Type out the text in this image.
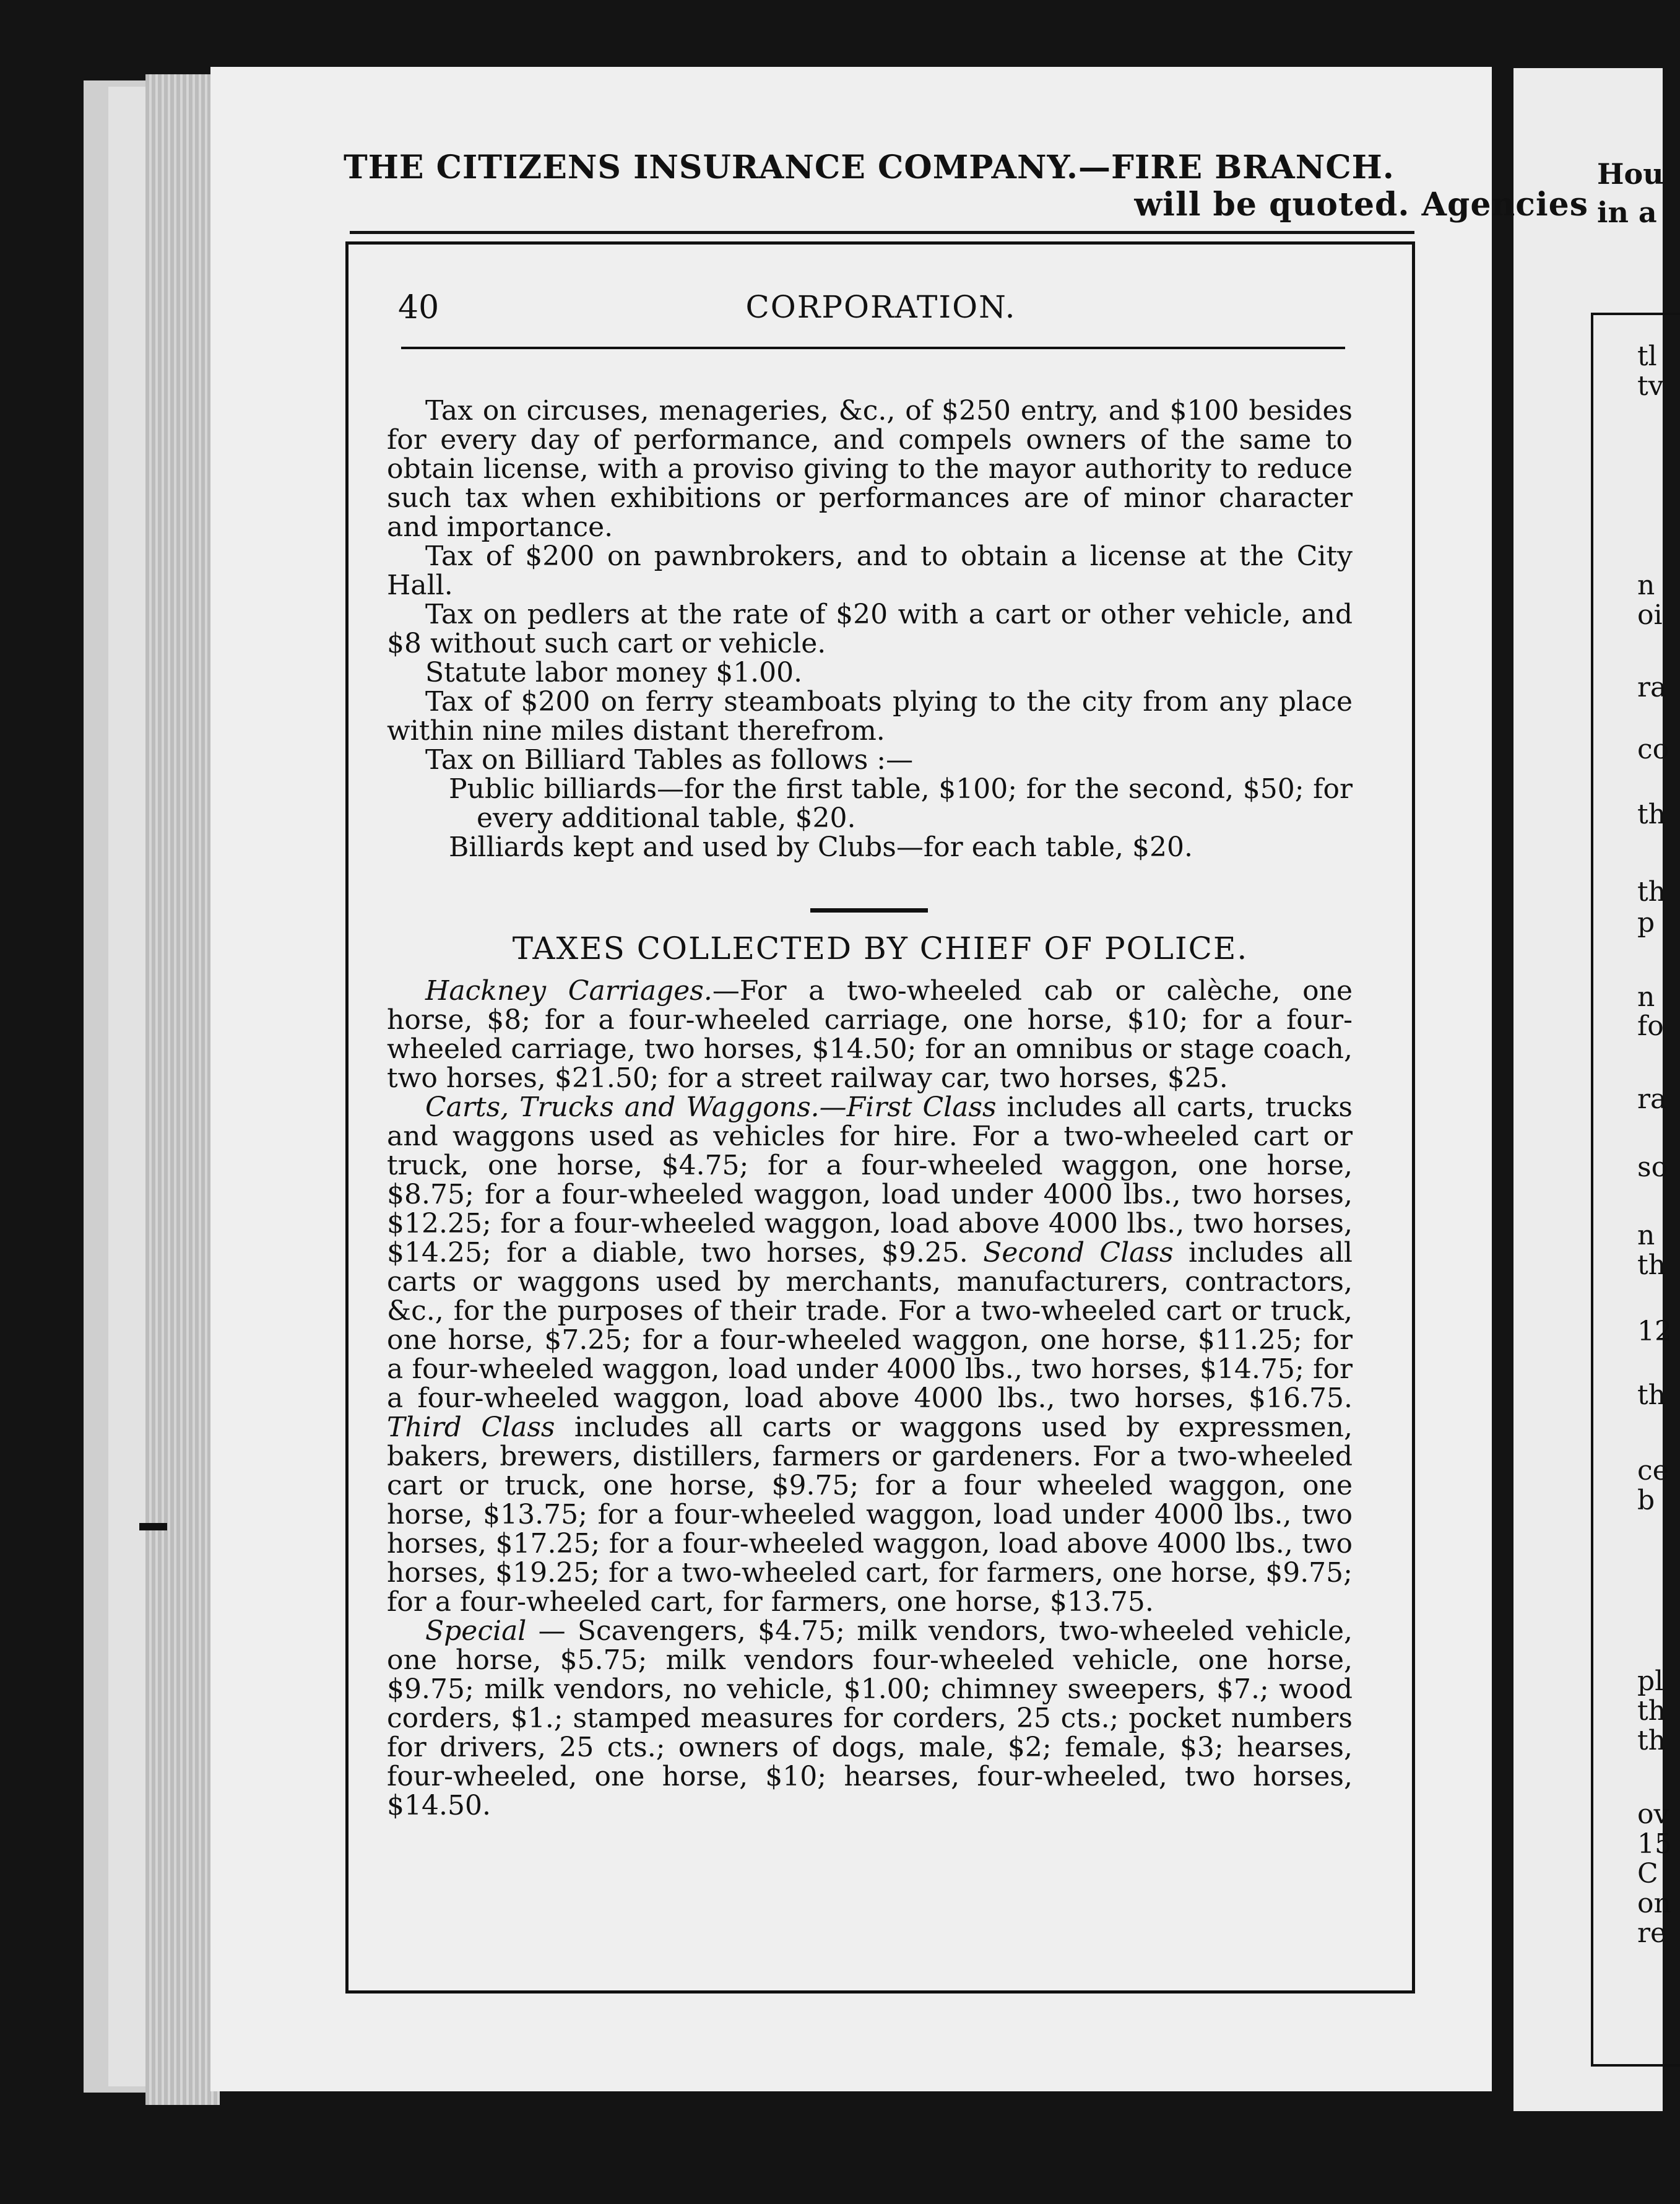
Hou
in a
tl
tv
n
oi
ra
co
th
th
p
n
fo
ra
so
n
th
12
th
ce
b
pl
th
th
ov
15
C
on
re
THE CITIZENS INSURANCE COMPANY.—FIRE BRANCH.
will be quoted. Agencies
40	CORPORATION.

Tax on circuses, menageries, &c., of $250 entry, and $100 besides for every day of performance, and compels owners of the same to obtain license, with a proviso giving to the mayor authority to reduce such tax when exhibitions or performances are of minor character and importance.

Tax of $200 on pawnbrokers, and to obtain a license at the City Hall.

Tax on pedlers at the rate of $20 with a cart or other vehicle, and $8 without such cart or vehicle.

Statute labor money $1.00.

Tax of $200 on ferry steamboats plying to the city from any place within nine miles distant therefrom.

Tax on Billiard Tables as follows :—

Public billiards—for the first table, $100; for the second, $50; for every additional table, $20.

Billiards kept and used by Clubs—for each table, $20.

TAXES COLLECTED BY CHIEF OF POLICE.

Hackney Carriages.—For a two-wheeled cab or calèche, one horse, $8; for a four-wheeled carriage, one horse, $10; for a four-wheeled carriage, two horses, $14.50; for an omnibus or stage coach, two horses, $21.50; for a street railway car, two horses, $25.

Carts, Trucks and Waggons.—First Class includes all carts, trucks and waggons used as vehicles for hire. For a two-wheeled cart or truck, one horse, $4.75; for a four-wheeled waggon, one horse, $8.75; for a four-wheeled waggon, load under 4000 lbs., two horses, $12.25; for a four-wheeled waggon, load above 4000 lbs., two horses, $14.25; for a diable, two horses, $9.25. Second Class includes all carts or waggons used by merchants, manufacturers, contractors, &c., for the purposes of their trade. For a two-wheeled cart or truck, one horse, $7.25; for a four-wheeled waggon, one horse, $11.25; for a four-wheeled waggon, load under 4000 lbs., two horses, $14.75; for a four-wheeled waggon, load above 4000 lbs., two horses, $16.75. Third Class includes all carts or waggons used by expressmen, bakers, brewers, distillers, farmers or gardeners. For a two-wheeled cart or truck, one horse, $9.75; for a four wheeled waggon, one horse, $13.75; for a four-wheeled waggon, load under 4000 lbs., two horses, $17.25; for a four-wheeled waggon, load above 4000 lbs., two horses, $19.25; for a two-wheeled cart, for farmers, one horse, $9.75; for a four-wheeled cart, for farmers, one horse, $13.75.

Special — Scavengers, $4.75; milk vendors, two-wheeled vehicle, one horse, $5.75; milk vendors four-wheeled vehicle, one horse, $9.75; milk vendors, no vehicle, $1.00; chimney sweepers, $7.; wood corders, $1.; stamped measures for corders, 25 cts.; pocket numbers for drivers, 25 cts.; owners of dogs, male, $2; female, $3; hearses, four-wheeled, one horse, $10; hearses, four-wheeled, two horses, $14.50.
